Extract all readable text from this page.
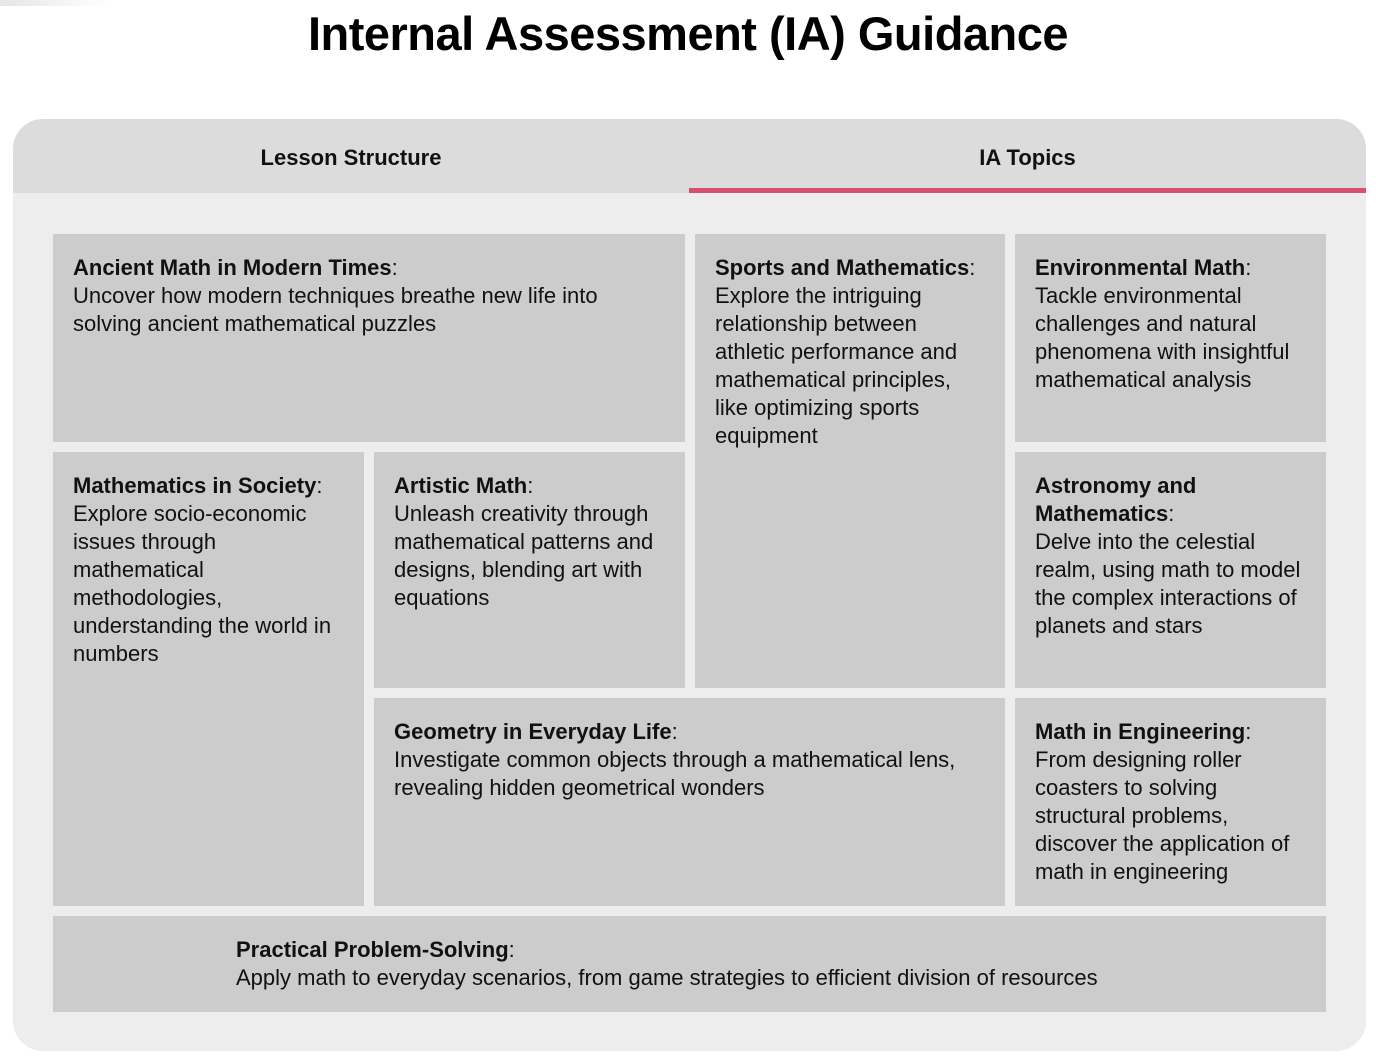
Internal Assessment (IA) Guidance
Lesson Structure	IA Topics
Ancient Math in Modern Times:
Uncover how modern techniques breathe new life into solving ancient mathematical puzzles
Sports and Mathematics:
Explore the intriguing relationship between athletic performance and mathematical principles, like optimizing sports equipment
Environmental Math:
Tackle environmental challenges and natural phenomena with insightful mathematical analysis
Mathematics in Society:
Explore socio-economic issues through mathematical methodologies, understanding the world in numbers
Artistic Math:
Unleash creativity through mathematical patterns and designs, blending art with equations
Astronomy and Mathematics:
Delve into the celestial realm, using math to model the complex interactions of planets and stars
Geometry in Everyday Life:
Investigate common objects through a mathematical lens, revealing hidden geometrical wonders
Math in Engineering:
From designing roller coasters to solving structural problems, discover the application of math in engineering
Practical Problem-Solving:
Apply math to everyday scenarios, from game strategies to efficient division of resources
